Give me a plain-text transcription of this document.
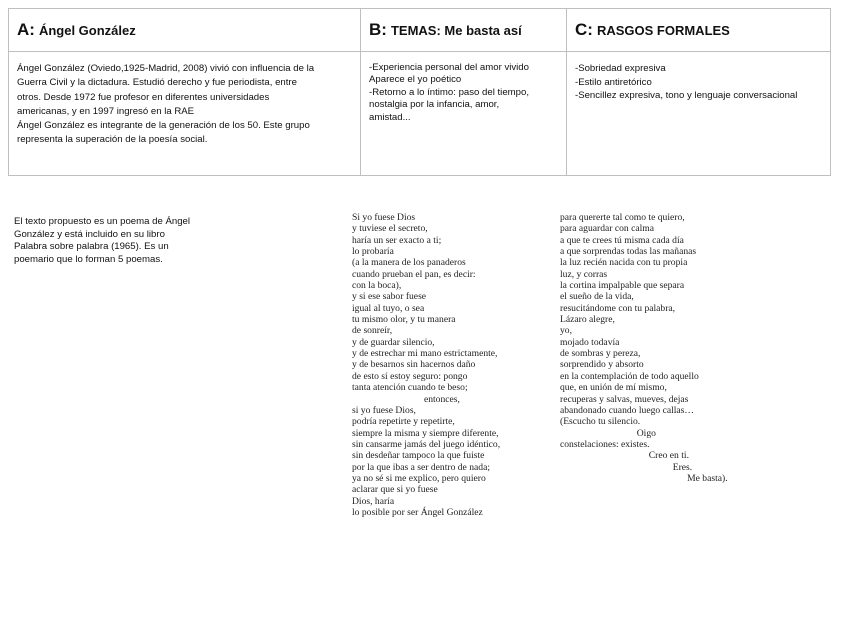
A: Ángel González	B: TEMAS: Me basta así	C: RASGOS FORMALES

Ángel González (Oviedo,1925-Madrid, 2008) vivió con influencia de la

Guerra Civil y la dictadura. Estudió derecho y fue periodista, entre

otros. Desde 1972 fue profesor en diferentes universidades

americanas, y en 1997 ingresó en la RAE

Ángel González es integrante de la generación de los 50. Este grupo

representa la superación de la poesía social.

-Experiencia personal del amor vivido

Aparece el yo poético

-Retorno a lo íntimo: paso del tiempo,

nostalgia por la infancia, amor,

amistad...

-Sobriedad expresiva

-Estilo antiretórico

-Sencillez expresiva, tono y lenguaje conversacional

El texto propuesto es un poema de Ángel

González y está incluido en su libro

Palabra sobre palabra (1965). Es un

poemario que lo forman 5 poemas.

Si yo fuese Dios
y tuviese el secreto,
haría un ser exacto a ti;
lo probaría
(a la manera de los panaderos
cuando prueban el pan, es decir:
con la boca),
y si ese sabor fuese
igual al tuyo, o sea
tu mismo olor, y tu manera
de sonreír,
y de guardar silencio,
y de estrechar mi mano estrictamente,
y de besarnos sin hacernos daño
de esto sí estoy seguro: pongo
tanta atención cuando te beso;
entonces,
si yo fuese Dios,
podría repetirte y repetirte,
siempre la misma y siempre diferente,
sin cansarme jamás del juego idéntico,
sin desdeñar tampoco la que fuiste
por la que ibas a ser dentro de nada;
ya no sé si me explico, pero quiero
aclarar que si yo fuese
Dios, haría
lo posible por ser Ángel González
para quererte tal como te quiero,
para aguardar con calma
a que te crees tú misma cada día
a que sorprendas todas las mañanas
la luz recién nacida con tu propia
luz, y corras
la cortina impalpable que separa
el sueño de la vida,
resucitándome con tu palabra,
Lázaro alegre,
yo,
mojado todavía
de sombras y pereza,
sorprendido y absorto
en la contemplación de todo aquello
que, en unión de mí mismo,
recuperas y salvas, mueves, dejas
abandonado cuando luego callas…
(Escucho tu silencio.
Oigo
constelaciones: existes.
Creo en ti.
Eres.
Me basta).
